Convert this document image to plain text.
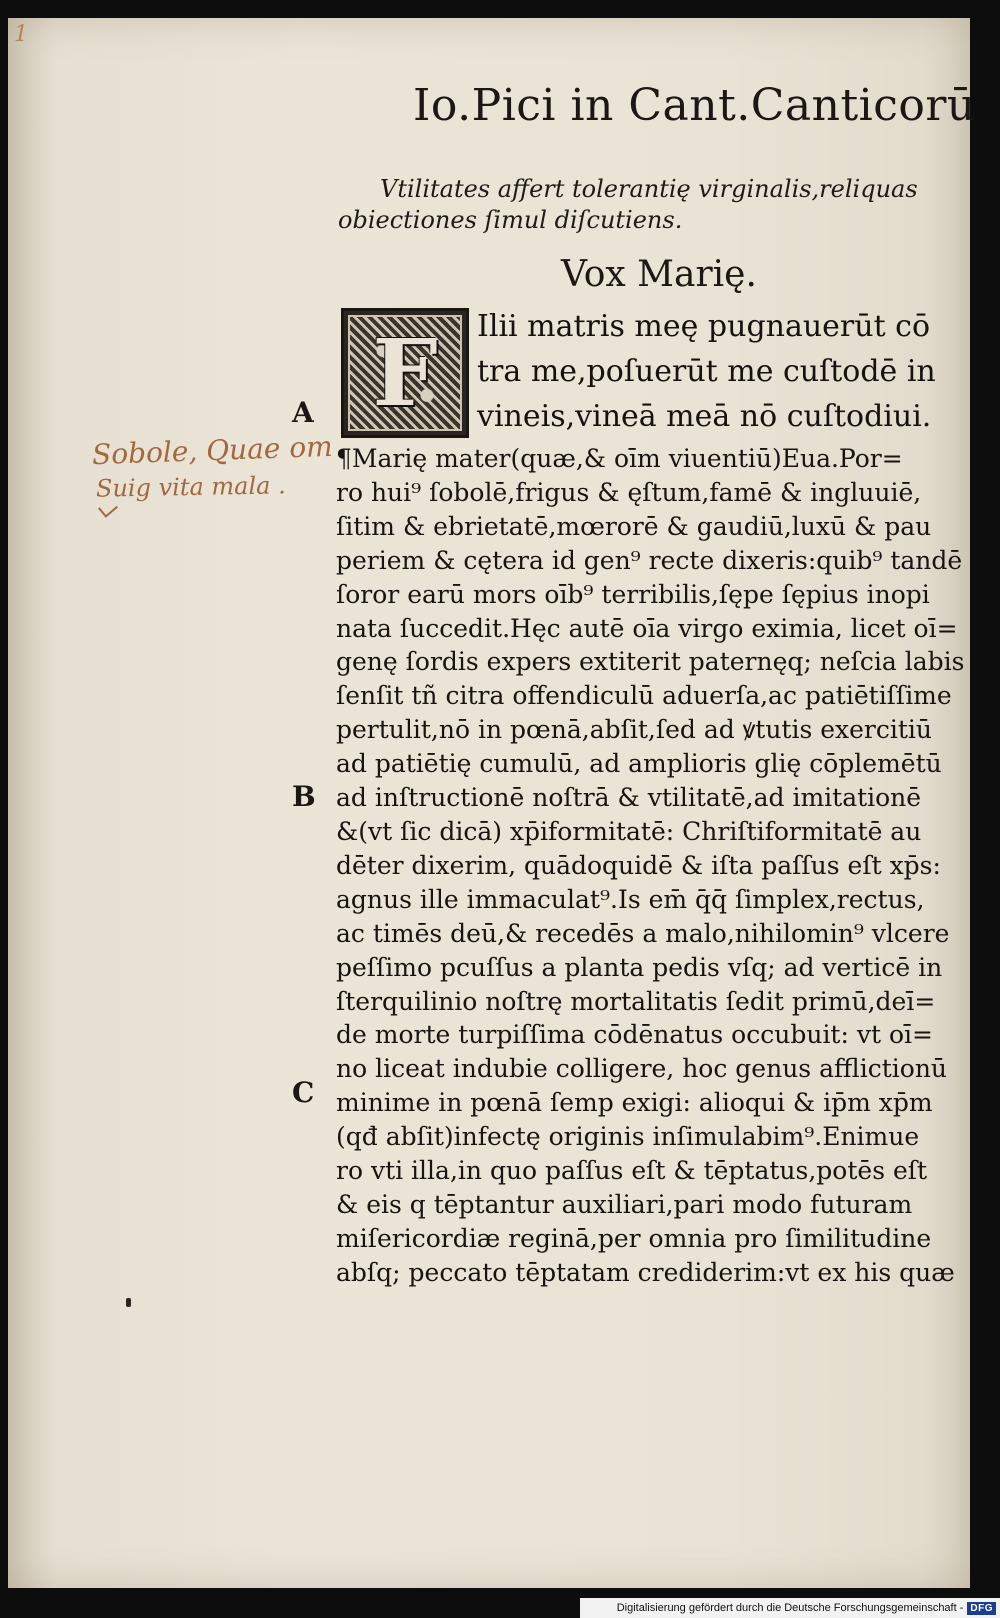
1
Io.Pici in Cant.Canticorū
Vtilitates affert tolerantię virginalis,reliquas
obiectiones ſimul diſcutiens.
Vox Marię.
F Ilii matris meę pugnauerūt cō
tra me,poſuerūt me cuſtodē in
vineis,vineā meā nō cuſtodiui.
A
B
C
Sobole, Quae om
Suig vita mala .
¶Marię mater(quæ,& oīm viuentiū)Eua.Por=
ro hui⁹ ſobolē,frigus & ęſtum,famē & ingluuiē,
ſitim & ebrietatē,mœrorē & gaudiū,luxū & pau
periem & cętera id gen⁹ recte dixeris:quib⁹ tandē
ſoror earū mors oīb⁹ terribilis,ſępe ſępius inopi
nata ſuccedit.Hęc autē oīa virgo eximia, licet oī=
genę ſordis expers extiterit paternęq; neſcia labis
ſenſit tñ citra offendiculū aduerſa,ac patiētiſſime
pertulit,nō in pœnā,abſit,ſed ad ꝟtutis exercitiū
ad patiētię cumulū, ad amplioris glię cōplemētū
ad inſtructionē noſtrā & vtilitatē,ad imitationē
&(vt ſic dicā) xp̄iformitatē: Chriſtiformitatē au
dēter dixerim, quādoquidē & iſta paſſus eſt xp̄s:
agnus ille immaculat⁹.Is em̄ q̄q̄ ſimplex,rectus,
ac timēs deū,& recedēs a malo,nihilomin⁹ vlcere
peſſimo pcuſſus a planta pedis vſq; ad verticē in
ſterquilinio noſtrę mortalitatis ſedit primū,deī=
de morte turpiſſima cōdēnatus occubuit: vt oī=
no liceat indubie colligere, hoc genus afflictionū
minime in pœnā ſemp exigi: alioqui & ip̄m xp̄m
(qđ abſit)infectę originis inſimulabim⁹.Enimue
ro vti illa,in quo paſſus eſt & tēptatus,potēs eſt
& eis q tēptantur auxiliari,pari modo futuram
miſericordiæ reginā,per omnia pro ſimilitudine
abſq; peccato tēptatam crediderim:vt ex his quæ
Digitalisierung gefördert durch die Deutsche Forschungsgemeinschaft - DFG
